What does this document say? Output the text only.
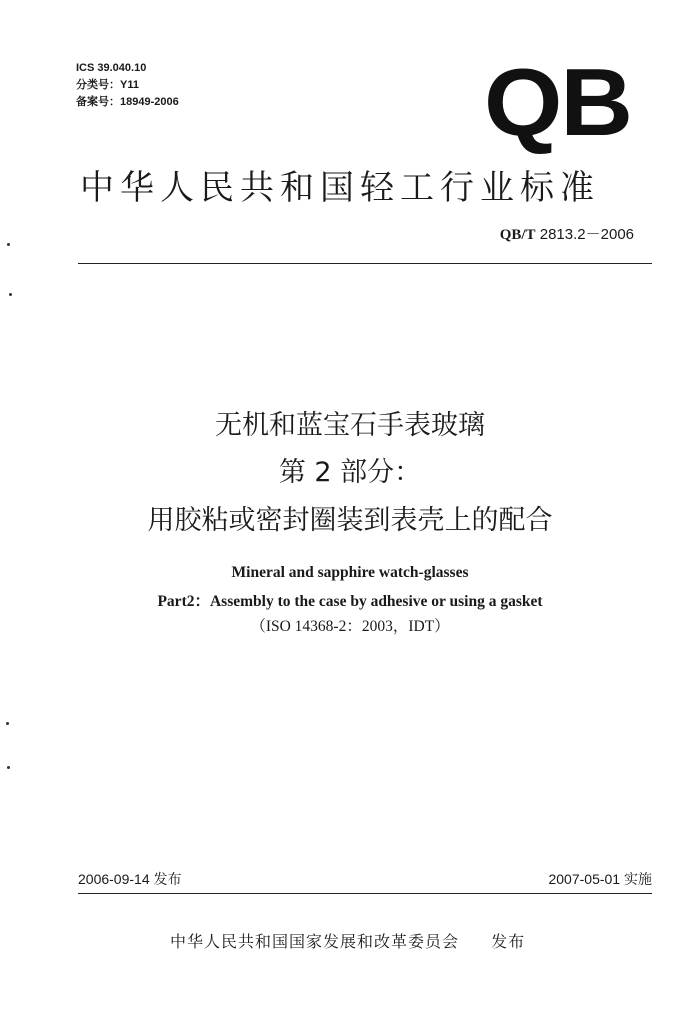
ICS 39.040.10
分类号：Y11
备案号：18949-2006	QB
中华人民共和国轻工行业标准
QB/T 2813.2－2006
无机和蓝宝石手表玻璃
第 2 部分：
用胶粘或密封圈装到表壳上的配合
Mineral and sapphire watch-glasses
Part2：Assembly to the case by adhesive or using a gasket
（ISO 14368-2：2003，IDT）
2006-09-14 发布	2007-05-01 实施
中华人民共和国国家发展和改革委员会 发布
